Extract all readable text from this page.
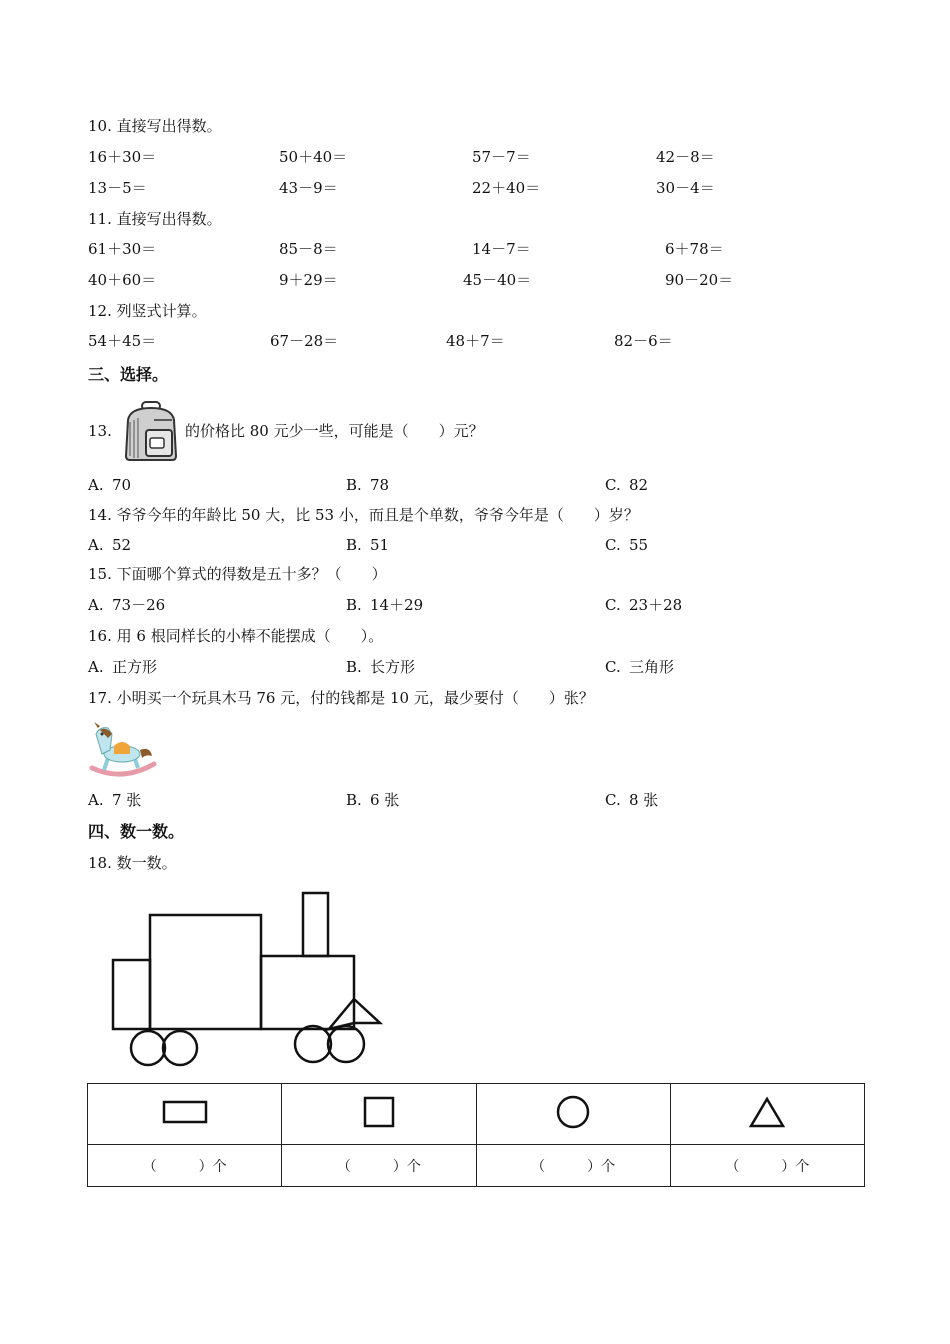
10. 直接写出得数。
16＋30＝	50＋40＝	57－7＝	42－8＝
13－5＝	43－9＝	22＋40＝	30－4＝
11. 直接写出得数。
61＋30＝	85－8＝	14－7＝	6＋78＝
40＋60＝	9＋29＝	45－40＝	90－20＝
12. 列竖式计算。
54＋45＝	67－28＝	48＋7＝	82－6＝
三、选择。
13.	的价格比 80 元少一些，可能是（　　）元？
A. 70	B. 78	C. 82
14. 爷爷今年的年龄比 50 大，比 53 小，而且是个单数，爷爷今年是（　　）岁？
A. 52	B. 51	C. 55
15. 下面哪个算式的得数是五十多？（　　）
A. 73－26	B. 14＋29	C. 23＋28
16. 用 6 根同样长的小棒不能摆成（　　）。
A. 正方形	B. 长方形	C. 三角形
17. 小明买一个玩具木马 76 元，付的钱都是 10 元，最少要付（　　）张？
A. 7 张	B. 6 张	C. 8 张
四、数一数。
18. 数一数。

（　　　）个	（　　　）个	（　　　）个	（　　　）个
